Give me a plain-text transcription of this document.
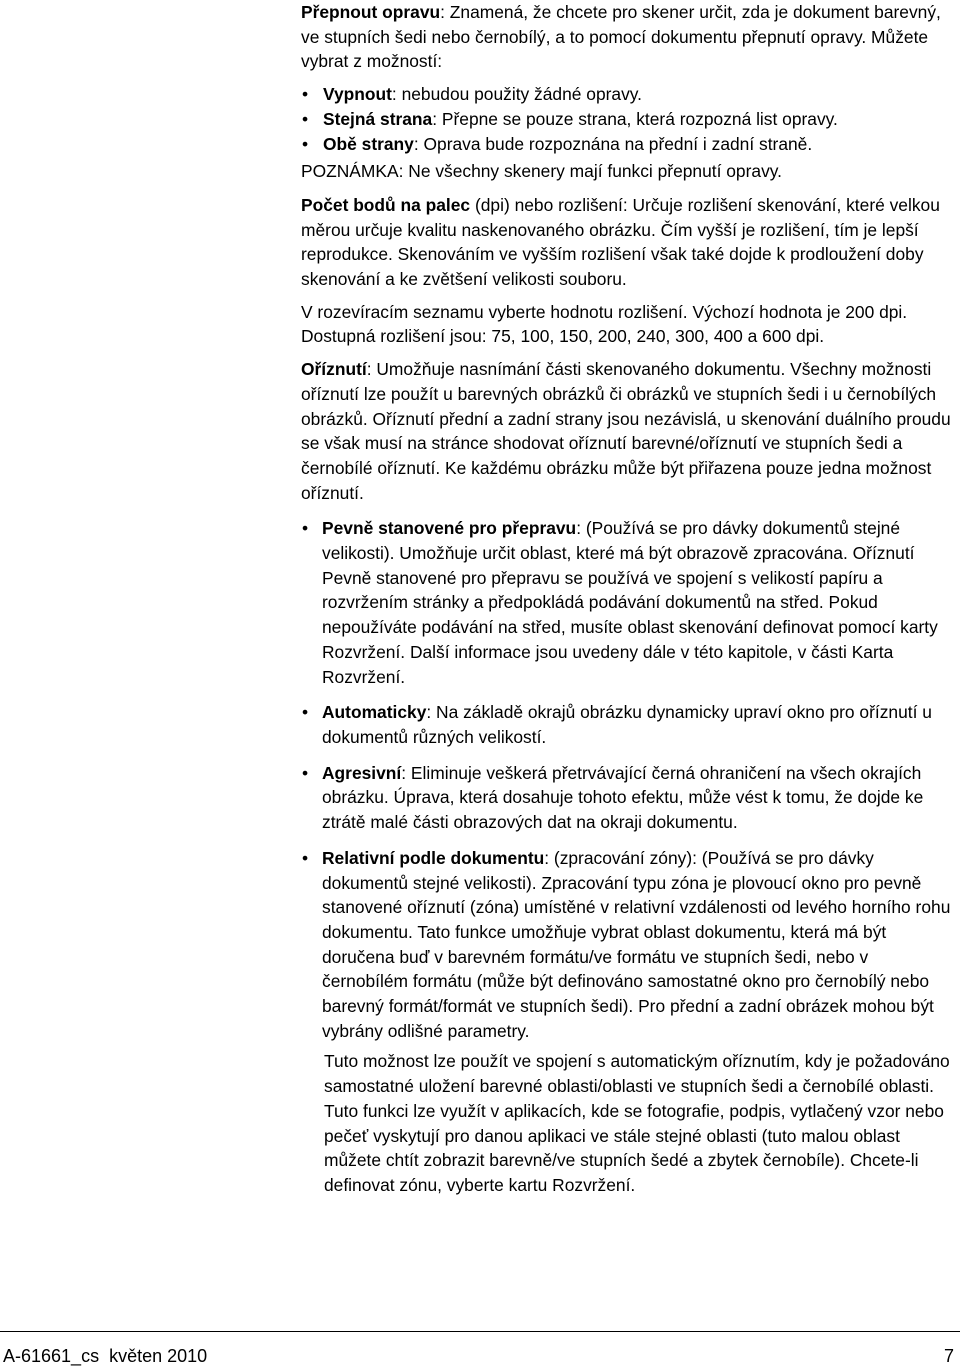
Přepnout opravu: Znamená, že chcete pro skener určit, zda je dokument barevný, ve stupních šedi nebo černobílý, a to pomocí dokumentu přepnutí opravy. Můžete vybrat z možností:

• Vypnout: nebudou použity žádné opravy.
• Stejná strana: Přepne se pouze strana, která rozpozná list opravy.
• Obě strany: Oprava bude rozpoznána na přední i zadní straně.

POZNÁMKA: Ne všechny skenery mají funkci přepnutí opravy.

Počet bodů na palec (dpi) nebo rozlišení: Určuje rozlišení skenování, které velkou měrou určuje kvalitu naskenovaného obrázku. Čím vyšší je rozlišení, tím je lepší reprodukce. Skenováním ve vyšším rozlišení však také dojde k prodloužení doby skenování a ke zvětšení velikosti souboru.

V rozevíracím seznamu vyberte hodnotu rozlišení. Výchozí hodnota je 200 dpi. Dostupná rozlišení jsou: 75, 100, 150, 200, 240, 300, 400 a 600 dpi.

Oříznutí: Umožňuje nasnímání části skenovaného dokumentu. Všechny možnosti oříznutí lze použít u barevných obrázků či obrázků ve stupních šedi i u černobílých obrázků. Oříznutí přední a zadní strany jsou nezávislá, u skenování duálního proudu se však musí na stránce shodovat oříznutí barevné/oříznutí ve stupních šedi a černobílé oříznutí. Ke každému obrázku může být přiřazena pouze jedna možnost oříznutí.

• Pevně stanovené pro přepravu: (Používá se pro dávky dokumentů stejné velikosti). Umožňuje určit oblast, které má být obrazově zpracována. Oříznutí Pevně stanovené pro přepravu se používá ve spojení s velikostí papíru a rozvržením stránky a předpokládá podávání dokumentů na střed. Pokud nepoužíváte podávání na střed, musíte oblast skenování definovat pomocí karty Rozvržení. Další informace jsou uvedeny dále v této kapitole, v části Karta Rozvržení.
• Automaticky: Na základě okrajů obrázku dynamicky upraví okno pro oříznutí u dokumentů různých velikostí.
• Agresivní: Eliminuje veškerá přetrvávající černá ohraničení na všech okrajích obrázku. Úprava, která dosahuje tohoto efektu, může vést k tomu, že dojde ke ztrátě malé části obrazových dat na okraji dokumentu.
• Relativní podle dokumentu: (zpracování zóny): (Používá se pro dávky dokumentů stejné velikosti). Zpracování typu zóna je plovoucí okno pro pevně stanovené oříznutí (zóna) umístěné v relativní vzdálenosti od levého horního rohu dokumentu. Tato funkce umožňuje vybrat oblast dokumentu, která má být doručena buď v barevném formátu/ve formátu ve stupních šedi, nebo v černobílém formátu (může být definováno samostatné okno pro černobílý nebo barevný formát/formát ve stupních šedi). Pro přední a zadní obrázek mohou být vybrány odlišné parametry.

Tuto možnost lze použít ve spojení s automatickým oříznutím, kdy je požadováno samostatné uložení barevné oblasti/oblasti ve stupních šedi a černobílé oblasti. Tuto funkci lze využít v aplikacích, kde se fotografie, podpis, vytlačený vzor nebo pečeť vyskytují pro danou aplikaci ve stále stejné oblasti (tuto malou oblast můžete chtít zobrazit barevně/ve stupních šedé a zbytek černobíle). Chcete-li definovat zónu, vyberte kartu Rozvržení.

A-61661_cs  květen 2010	7
